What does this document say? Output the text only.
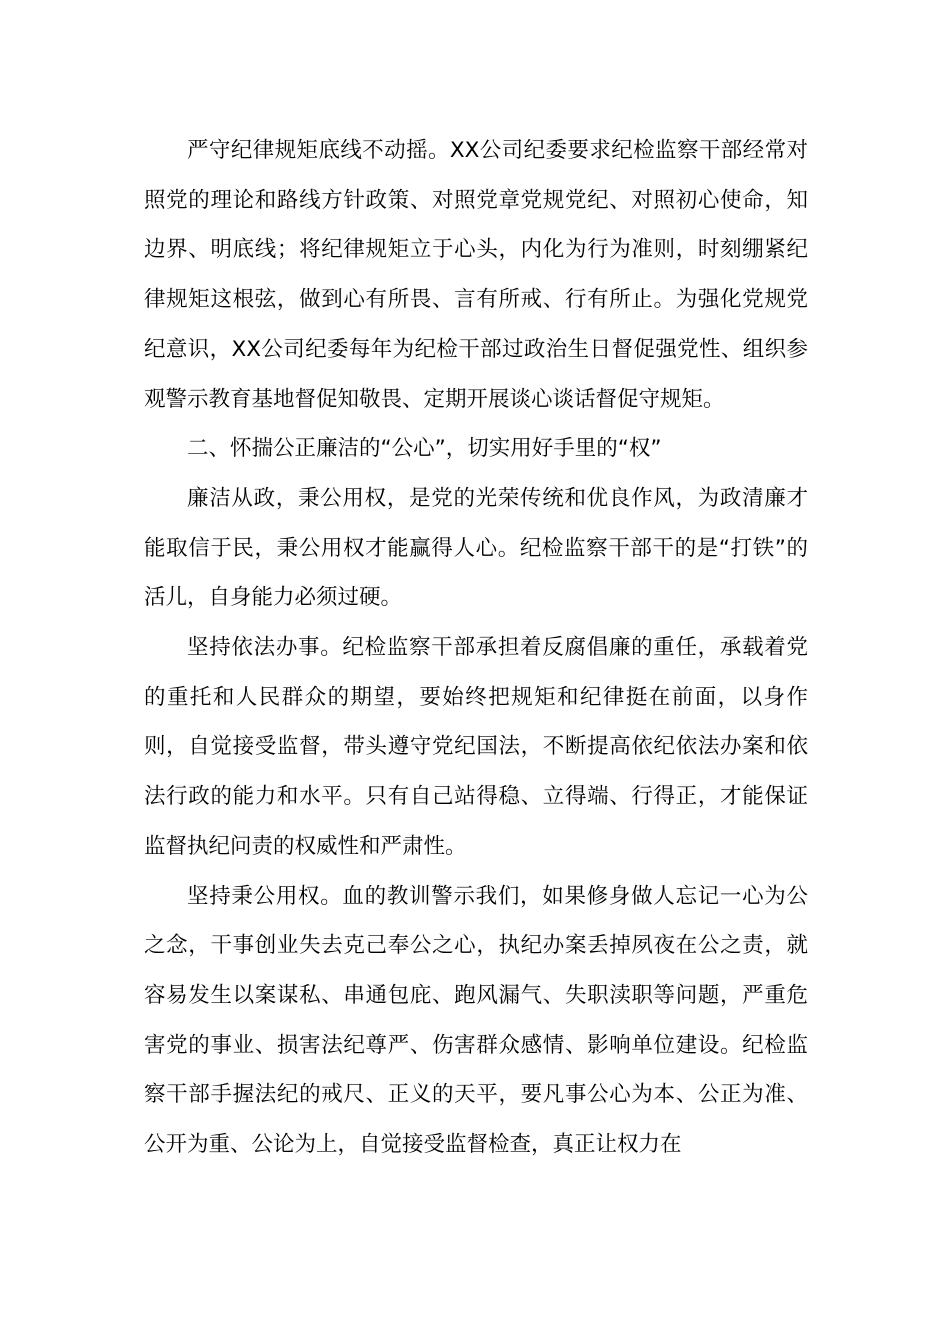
严守纪律规矩底线不动摇。XX公司纪委要求纪检监察干部经常对照党的理论和路线方针政策、对照党章党规党纪、对照初心使命，知边界、明底线；将纪律规矩立于心头，内化为行为准则，时刻绷紧纪律规矩这根弦，做到心有所畏、言有所戒、行有所止。为强化党规党纪意识，XX公司纪委每年为纪检干部过政治生日督促强党性、组织参观警示教育基地督促知敬畏、定期开展谈心谈话督促守规矩。

二、怀揣公正廉洁的“公心”，切实用好手里的“权”

廉洁从政，秉公用权，是党的光荣传统和优良作风，为政清廉才能取信于民，秉公用权才能赢得人心。纪检监察干部干的是“打铁”的活儿，自身能力必须过硬。

坚持依法办事。纪检监察干部承担着反腐倡廉的重任，承载着党的重托和人民群众的期望，要始终把规矩和纪律挺在前面，以身作则，自觉接受监督，带头遵守党纪国法，不断提高依纪依法办案和依法行政的能力和水平。只有自己站得稳、立得端、行得正，才能保证监督执纪问责的权威性和严肃性。

坚持秉公用权。血的教训警示我们，如果修身做人忘记一心为公之念，干事创业失去克己奉公之心，执纪办案丢掉夙夜在公之责，就容易发生以案谋私、串通包庇、跑风漏气、失职渎职等问题，严重危害党的事业、损害法纪尊严、伤害群众感情、影响单位建设。纪检监察干部手握法纪的戒尺、正义的天平，要凡事公心为本、公正为准、公开为重、公论为上，自觉接受监督检查，真正让权力在
